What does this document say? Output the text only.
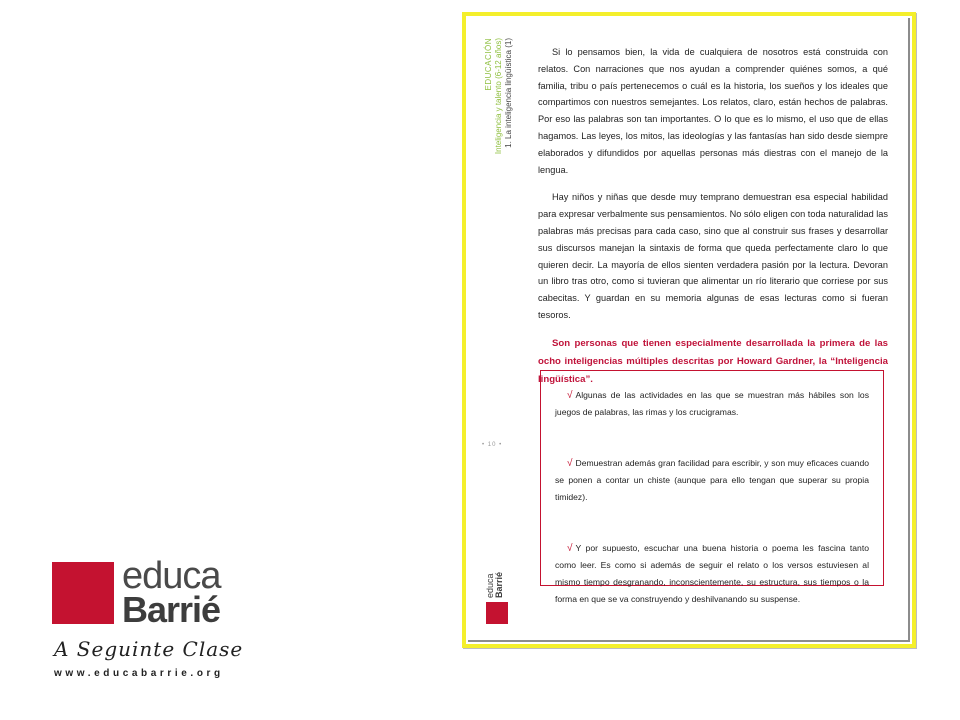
EDUCACIÓN Inteligencia y talento (6-12 años) 1. La inteligencia lingüística (1)
• 10 •
educa Barrié

Si lo pensamos bien, la vida de cualquiera de nosotros está construida con relatos. Con narraciones que nos ayudan a comprender quiénes somos, a qué familia, tribu o país pertenecemos o cuál es la historia, los sueños y los ideales que compartimos con nuestros semejantes. Los relatos, claro, están hechos de palabras. Por eso las palabras son tan importantes. O lo que es lo mismo, el uso que de ellas hagamos. Las leyes, los mitos, las ideologías y las fantasías han sido desde siempre elaborados y difundidos por aquellas personas más diestras con el manejo de la lengua.

Hay niños y niñas que desde muy temprano demuestran esa especial habilidad para expresar verbalmente sus pensamientos. No sólo eligen con toda naturalidad las palabras más precisas para cada caso, sino que al construir sus frases y desarrollar sus discursos manejan la sintaxis de forma que queda perfectamente claro lo que quieren decir. La mayoría de ellos sienten verdadera pasión por la lectura. Devoran un libro tras otro, como si tuvieran que alimentar un río literario que corriese por sus cabecitas. Y guardan en su memoria algunas de esas lecturas como si fueran tesoros.

Son personas que tienen especialmente desarrollada la primera de las ocho inteligencias múltiples descritas por Howard Gardner, la “Inteligencia lingüística”.

√ Algunas de las actividades en las que se muestran más hábiles son los juegos de palabras, las rimas y los crucigramas.

√ Demuestran además gran facilidad para escribir, y son muy eficaces cuando se ponen a contar un chiste (aunque para ello tengan que superar su propia timidez).

√ Y por supuesto, escuchar una buena historia o poema les fascina tanto como leer. Es como si además de seguir el relato o los versos estuviesen al mismo tiempo desgranando, inconscientemente, su estructura, sus tiempos o la forma en que se va construyendo y deshilvanando su suspense.

educa
Barrié
A Seguinte Clase
www.educabarrie.org
